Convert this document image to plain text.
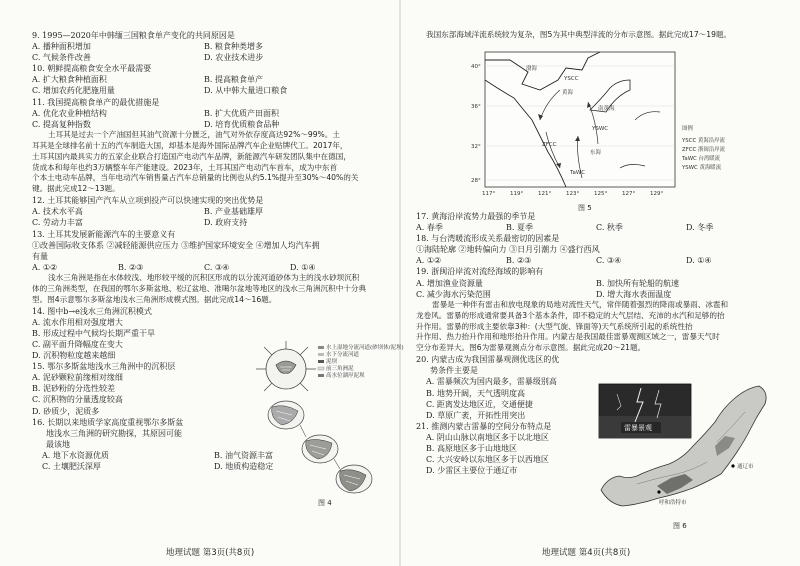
9. 1995—2020年中韩缅三国粮食单产变化的共同原因是

A. 播种面积增加	B. 粮食种类增多
C. 气候条件改善	D. 农业技术进步

10. 朝鲜提高粮食安全水平最需要

A. 扩大粮食种植面积	B. 提高粮食单产
C. 增加农药化肥施用量	D. 从中韩大量进口粮食

11. 我国提高粮食单产的最优措施是

A. 优化农业种植结构	B. 扩大优质产田面积
C. 提高复种指数	D. 培育优质粮食品种

土耳其是过去一个产油国但其油气资源十分匮乏，油气对外依存度高达92%～99%。土

耳其是全球排名前十五的汽车制造大国，却基本是海外国际品牌汽车企业贴牌代工。2017年，

土耳其国内最具实力的五家企业联合打造国产电动汽车品牌，新能源汽车研发团队集中在德国，

货成本和每年也约3万辆整车年产能建设。2023年，土耳其国产电动汽车首车，成为中东首

个本土电动车品牌，当年电动汽车销售量占汽车总销量的比例也从约5.1%提升至30%～40%的关

键。据此完成12～13题。

12. 土耳其能够国产汽车从立项到投产可以快速实现的突出优势是

A. 技术水平高	B. 产业基础雄厚
C. 劳动力丰富	D. 政府支持

13. 土耳其发展新能源汽车的主要意义有

①改善国际收支体系 ②减轻能源供应压力 ③维护国家环境安全 ④增加人均汽车拥

有量

A. ①②	B. ②③	C. ③④	D. ①④

浅水三角洲是指在水体较浅、地形较平缓的沉积区形成的以分流河道砂体为主的浅水砂坝沉积

体的三角洲类型，在我国的鄂尔多斯盆地、松辽盆地、准噶尔盆地等地区的浅水三角洲沉积中十分典

型。图4示意鄂尔多斯盆地浅水三角洲形成模式图。据此完成14～16题。

14. 图中b→e浅水三角洲沉积模式

A. 流水作用相对强度增大

B. 形成过程中气候均长期严重干旱

C. 副平面升降幅度在变大

D. 沉积物粒度越来越细

15. 鄂尔多斯盆地浅水三角洲中的沉积层

A. 泥砂颗粒前缘相对缘细

B. 泥砂粉的分选性较差

C. 沉积物的分量透度较高

D. 砂质少，泥质多

16. 长期以来地质学家高度重视鄂尔多斯盆

地浅水三角洲的研究勘探，其原因可能

最该地

A. 地下水资源优质	B. 油气资源丰富
C. 土壤肥沃深厚	D. 地质构造稳定
水上湿地分流河道(砂坝体/泥坝)
水下分流河道
泥坝
前三角洲泥
高水位湖岸泥坝
图 4
地理试题 第3页(共8页)

我国东部海域洋流系统较为复杂，图5为其中典型洋流的分布示意图。据此完成17～19题。

40°
36°
32°
28°
117°	119°	121°	123°	125°	127°	129°
渤海
黄海
东海
南黄海
YSCC
YSWC
TaWC
ZFCC
图例
YSCC 黄海沿岸流
ZFCC 浙闽沿岸流
TaWC 台湾暖流
YSWC 黄海暖流
图 5

17. 黄海沿岸流势力最强的季节是

A. 春季	B. 夏季	C. 秋季	D. 冬季

18. 与台湾暖流形成关系最密切的因素是

①海陆轮廓 ②地转偏向力 ③日月引潮力 ④盛行西风

A. ①②	B. ②③	C. ③④	D. ①④

19. 浙闽沿岸流对流经海域的影响有

A. 增加渔业资源量	B. 加快所有轮船的航速
C. 减少海水污染范围	D. 增大海水表面温度

雷暴是一种伴有雷击和放电现象的局地对流性天气，常伴随着强烈的降雨或暴雨、冰雹和

龙卷风。雷暴的形成通常要具备3个基本条件，即不稳定的大气层结、充沛的水汽和足够的抬

升作用。雷暴的形成主要依靠3种：(大型气旋、锋面等)天气系统所引起的系统性抬

升作用、热力抬升作用和地形抬升作用。内蒙古是我国最佳雷暴观测区域之一，雷暴天气时

空分布差异大。图6为雷暴观测点分布示意图。据此完成20～21题。

20. 内蒙古成为我国雷暴观测优选区的优

势条件主要是

A. 雷暴频次为国内最多，雷暴级别高

B. 地势开阔，天气透明度高

C. 距离发达地区近，交通便捷

D. 草原广袤，开拓性用突出

21. 推测内蒙古雷暴的空间分布特点是

A. 阴山山脉以南地区多于以北地区

B. 高原地区多于山地地区

C. 大兴安岭以东地区多于以西地区

D. 少雷区主要位于通辽市

呼和浩特市
通辽市
雷暴景观
图 6
地理试题 第4页(共8页)
